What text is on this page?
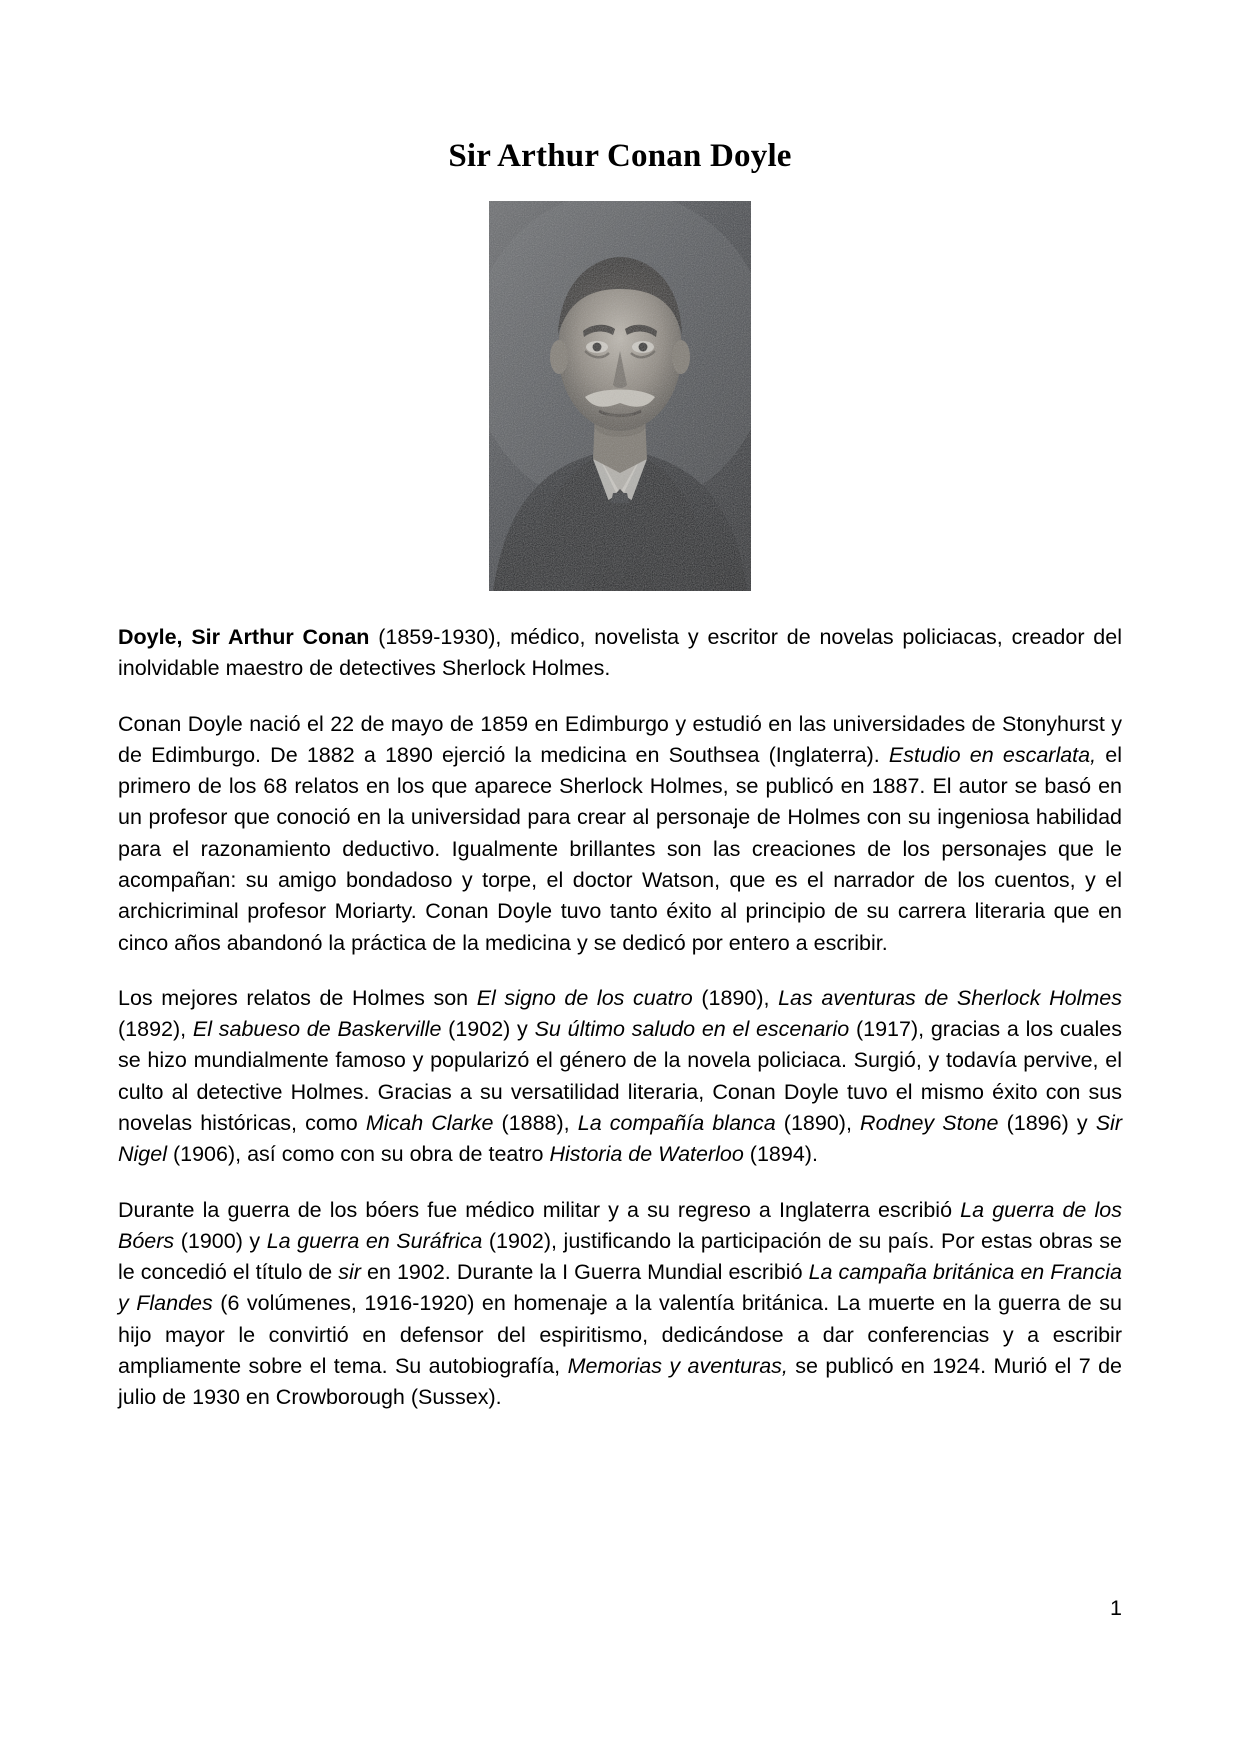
Sir Arthur Conan Doyle

Doyle, Sir Arthur Conan (1859-1930), médico, novelista y escritor de novelas policiacas, creador del inolvidable maestro de detectives Sherlock Holmes.

Conan Doyle nació el 22 de mayo de 1859 en Edimburgo y estudió en las universidades de Stonyhurst y de Edimburgo. De 1882 a 1890 ejerció la medicina en Southsea (Inglaterra). Estudio en escarlata, el primero de los 68 relatos en los que aparece Sherlock Holmes, se publicó en 1887. El autor se basó en un profesor que conoció en la universidad para crear al personaje de Holmes con su ingeniosa habilidad para el razonamiento deductivo. Igualmente brillantes son las creaciones de los personajes que le acompañan: su amigo bondadoso y torpe, el doctor Watson, que es el narrador de los cuentos, y el archicriminal profesor Moriarty. Conan Doyle tuvo tanto éxito al principio de su carrera literaria que en cinco años abandonó la práctica de la medicina y se dedicó por entero a escribir.

Los mejores relatos de Holmes son El signo de los cuatro (1890), Las aventuras de Sherlock Holmes (1892), El sabueso de Baskerville (1902) y Su último saludo en el escenario (1917), gracias a los cuales se hizo mundialmente famoso y popularizó el género de la novela policiaca. Surgió, y todavía pervive, el culto al detective Holmes. Gracias a su versatilidad literaria, Conan Doyle tuvo el mismo éxito con sus novelas históricas, como Micah Clarke (1888), La compañía blanca (1890), Rodney Stone (1896) y Sir Nigel (1906), así como con su obra de teatro Historia de Waterloo (1894).

Durante la guerra de los bóers fue médico militar y a su regreso a Inglaterra escribió La guerra de los Bóers (1900) y La guerra en Suráfrica (1902), justificando la participación de su país. Por estas obras se le concedió el título de sir en 1902. Durante la I Guerra Mundial escribió La campaña británica en Francia y Flandes (6 volúmenes, 1916-1920) en homenaje a la valentía británica. La muerte en la guerra de su hijo mayor le convirtió en defensor del espiritismo, dedicándose a dar conferencias y a escribir ampliamente sobre el tema. Su autobiografía, Memorias y aventuras, se publicó en 1924. Murió el 7 de julio de 1930 en Crowborough (Sussex).

1
